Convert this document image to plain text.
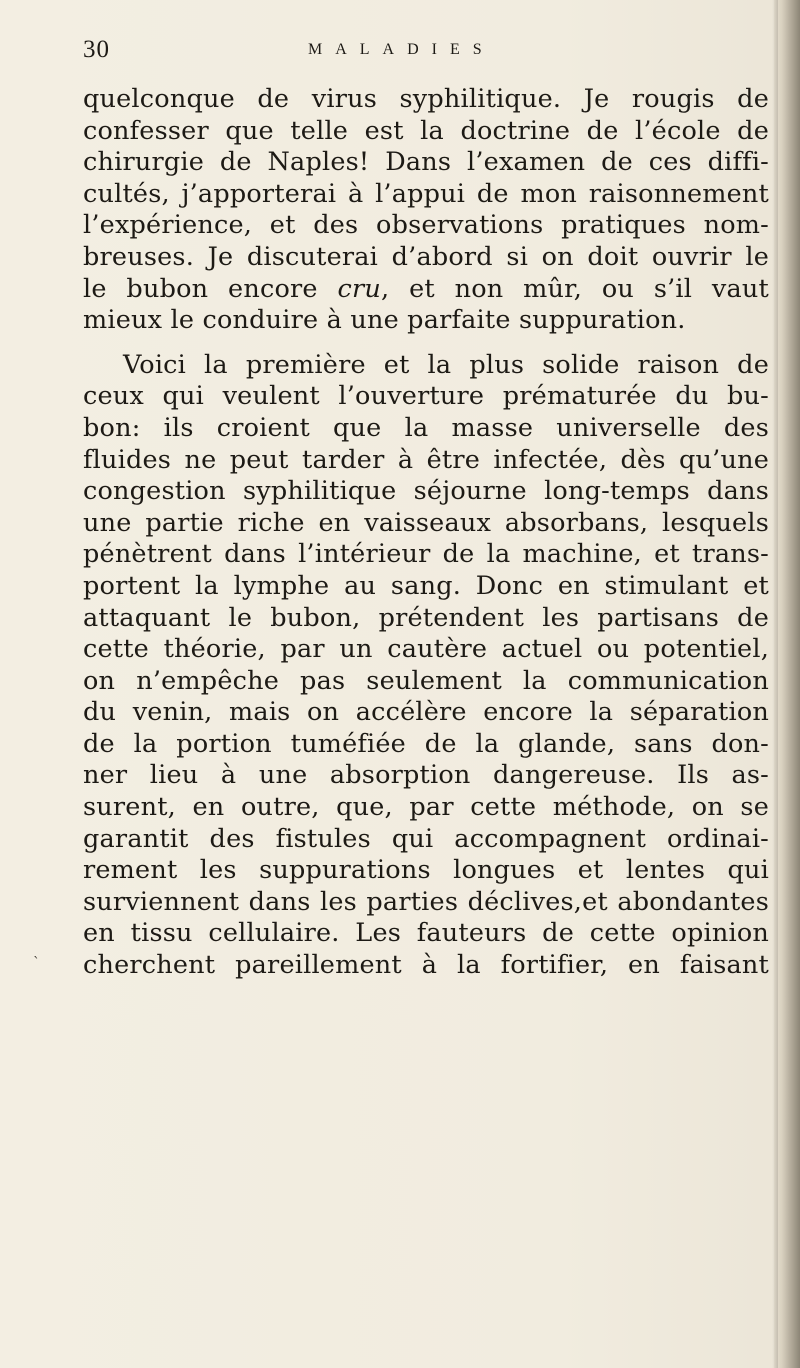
30	MALADIES
ˋ
quelconque de virus syphilitique. Je rougis de
confesser que telle est la doctrine de l’école de
chirurgie de Naples! Dans l’examen de ces diffi-
cultés, j’apporterai à l’appui de mon raisonnement
l’expérience, et des observations pratiques nom-
breuses. Je discuterai d’abord si on doit ouvrir le
le bubon encore cru, et non mûr, ou s’il vaut
mieux le conduire à une parfaite suppuration.
Voici la première et la plus solide raison de
ceux qui veulent l’ouverture prématurée du bu-
bon: ils croient que la masse universelle des
fluides ne peut tarder à être infectée, dès qu’une
congestion syphilitique séjourne long-temps dans
une partie riche en vaisseaux absorbans, lesquels
pénètrent dans l’intérieur de la machine, et trans-
portent la lymphe au sang. Donc en stimulant et
attaquant le bubon, prétendent les partisans de
cette théorie, par un cautère actuel ou potentiel,
on n’empêche pas seulement la communication
du venin, mais on accélère encore la séparation
de la portion tuméfiée de la glande, sans don-
ner lieu à une absorption dangereuse. Ils as-
surent, en outre, que, par cette méthode, on se
garantit des fistules qui accompagnent ordinai-
rement les suppurations longues et lentes qui
surviennent dans les parties déclives,et abondantes
en tissu cellulaire. Les fauteurs de cette opinion
cherchent pareillement à la fortifier, en faisant
